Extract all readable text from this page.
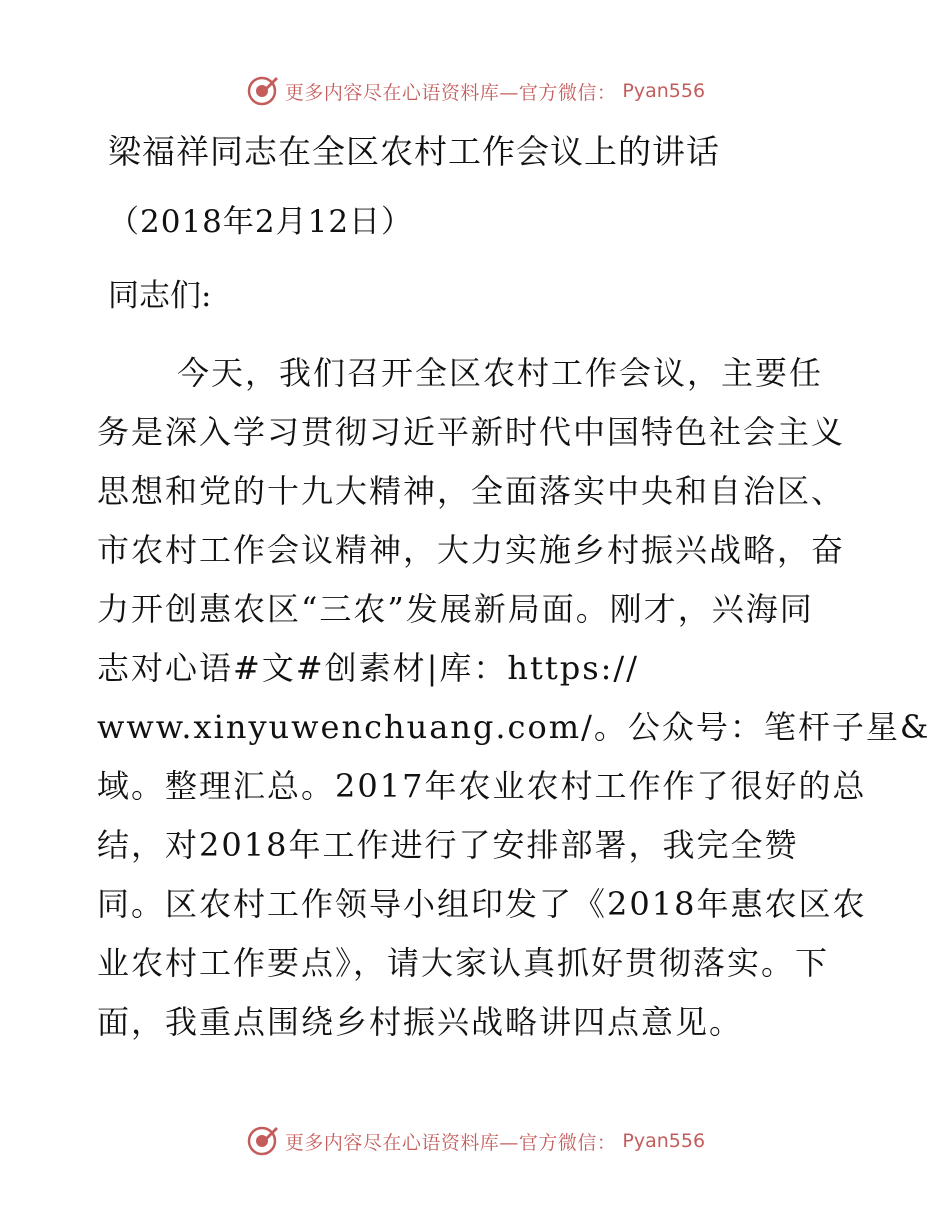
更多内容尽在心语资料库—官方微信： Pyan556
梁福祥同志在全区农村工作会议上的讲话
（2018年2月12日）
同志们:
今天，我们召开全区农村工作会议，主要任
务是深入学习贯彻习近平新时代中国特色社会主义
思想和党的十九大精神，全面落实中央和自治区、
市农村工作会议精神，大力实施乡村振兴战略，奋
力开创惠农区“三农”发展新局面。刚才，兴海同
志对心语#文#创素材|库：https://
www.xinyuwenchuang.com/。公众号：笔杆子星&
域。整理汇总。2017年农业农村工作作了很好的总
结，对2018年工作进行了安排部署，我完全赞
同。区农村工作领导小组印发了《2018年惠农区农
业农村工作要点》，请大家认真抓好贯彻落实。下
面，我重点围绕乡村振兴战略讲四点意见。
更多内容尽在心语资料库—官方微信： Pyan556
